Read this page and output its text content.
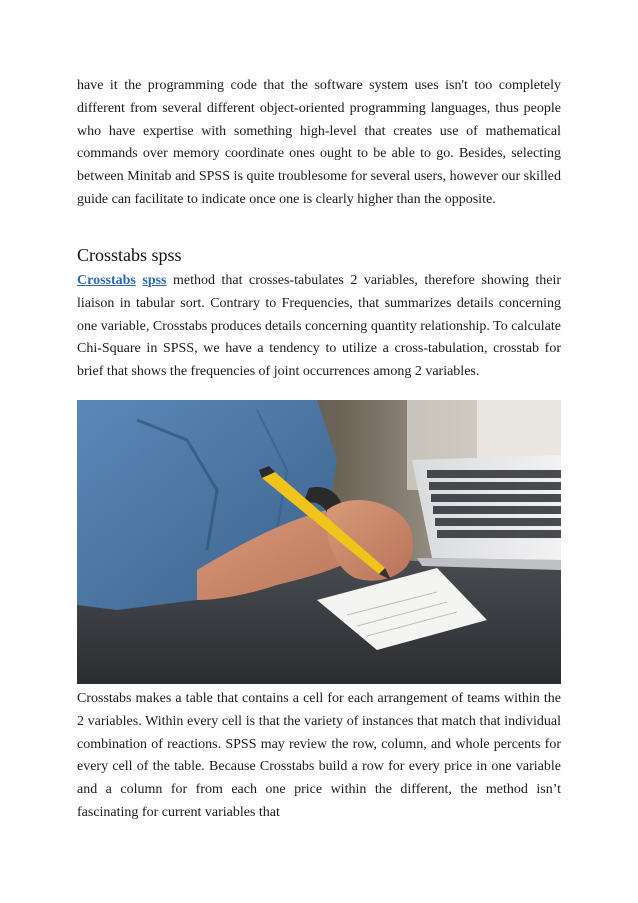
have it the programming code that the software system uses isn't too completely different from several different object-oriented programming languages, thus people who have expertise with something high-level that creates use of mathematical commands over memory coordinate ones ought to be able to go. Besides, selecting between Minitab and SPSS is quite troublesome for several users, however our skilled guide can facilitate to indicate once one is clearly higher than the opposite.

Crosstabs spss

Crosstabs spss method that crosses-tabulates 2 variables, therefore showing their liaison in tabular sort. Contrary to Frequencies, that summarizes details concerning one variable, Crosstabs produces details concerning quantity relationship. To calculate Chi-Square in SPSS, we have a tendency to utilize a cross-tabulation, crosstab for brief that shows the frequencies of joint occurrences among 2 variables.

Crosstabs makes a table that contains a cell for each arrangement of teams within the 2 variables. Within every cell is that the variety of instances that match that individual combination of reactions. SPSS may review the row, column, and whole percents for every cell of the table. Because Crosstabs build a row for every price in one variable and a column for from each one price within the different, the method isn’t fascinating for current variables that
